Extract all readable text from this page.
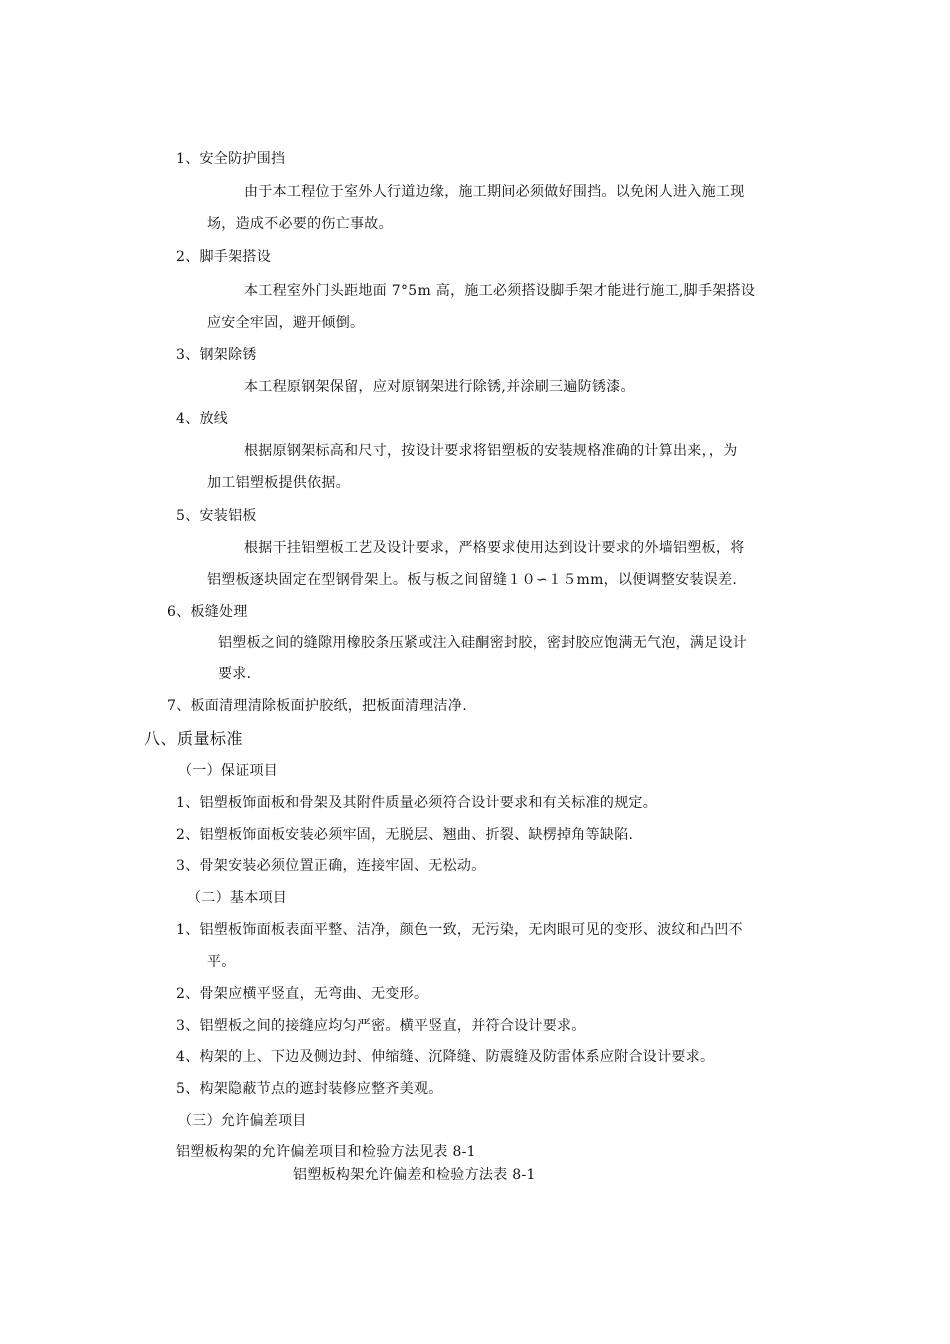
1、安全防护围挡
由于本工程位于室外人行道边缘，施工期间必须做好围挡。以免闲人进入施工现
场，造成不必要的伤亡事故。
2、脚手架搭设
本工程室外门头距地面 7°5m 高，施工必须搭设脚手架才能进行施工,脚手架搭设
应安全牢固，避开倾倒。
3、钢架除锈
本工程原钢架保留，应对原钢架进行除锈,并涂刷三遍防锈漆。
4、放线
根据原钢架标高和尺寸，按设计要求将铝塑板的安装规格准确的计算出来，，为
加工铝塑板提供依据。
5、安装铝板
根据干挂铝塑板工艺及设计要求，严格要求使用达到设计要求的外墙铝塑板，将
铝塑板逐块固定在型钢骨架上。板与板之间留缝１０∽１５mm，以便调整安装误差.
6、板缝处理
铝塑板之间的缝隙用橡胶条压紧或注入硅酮密封胶，密封胶应饱满无气泡，满足设计
要求.
7、板面清理清除板面护胶纸，把板面清理洁净.
八、质量标准
（一）保证项目
1、铝塑板饰面板和骨架及其附件质量必须符合设计要求和有关标准的规定。
2、铝塑板饰面板安装必须牢固，无脱层、翘曲、折裂、缺楞掉角等缺陷.
3、骨架安装必须位置正确，连接牢固、无松动。
（二）基本项目
1、铝塑板饰面板表面平整、洁净，颜色一致，无污染，无肉眼可见的变形、波纹和凸凹不
平。
2、骨架应横平竖直，无弯曲、无变形。
3、铝塑板之间的接缝应均匀严密。横平竖直，并符合设计要求。
4、构架的上、下边及侧边封、伸缩缝、沉降缝、防震缝及防雷体系应附合设计要求。
5、构架隐蔽节点的遮封装修应整齐美观。
（三）允许偏差项目
铝塑板构架的允许偏差项目和检验方法见表 8-1
铝塑板构架允许偏差和检验方法表 8-1
